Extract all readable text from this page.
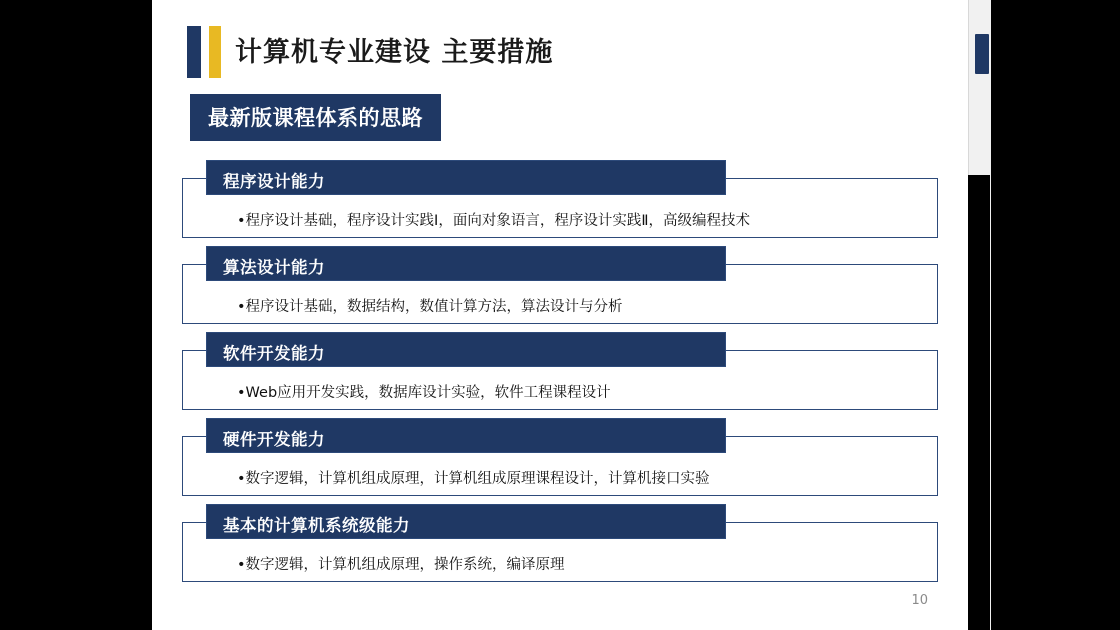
计算机专业建设 主要措施
最新版课程体系的思路
•程序设计基础，程序设计实践Ⅰ，面向对象语言，程序设计实践Ⅱ，高级编程技术
程序设计能力
•程序设计基础，数据结构，数值计算方法，算法设计与分析
算法设计能力
•Web应用开发实践，数据库设计实验，软件工程课程设计
软件开发能力
•数字逻辑，计算机组成原理，计算机组成原理课程设计，计算机接口实验
硬件开发能力
•数字逻辑，计算机组成原理，操作系统，编译原理
基本的计算机系统级能力
10
